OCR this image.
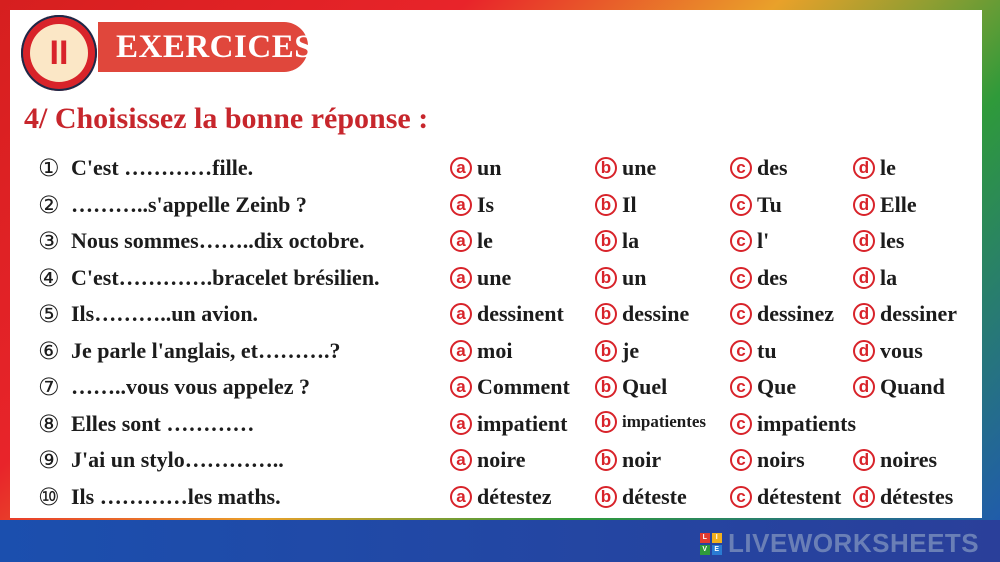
II	EXERCICES
4/ Choisissez la bonne réponse :
① C'est …………fille.	a un	b une	c des	d le
② ………..s'appelle Zeinb ?	a Is	b Il	c Tu	d Elle
③ Nous sommes……..dix octobre.	a le	b la	c l'	d les
④ C'est………….bracelet brésilien.	a une	b un	c des	d la
⑤ Ils………..un avion.	a dessinent	b dessine	c dessinez	d dessiner
⑥ Je parle l'anglais, et……….?	a moi	b je	c tu	d vous
⑦ ……..vous vous appelez ?	a Comment	b Quel	c Que	d Quand
⑧ Elles sont …………	a impatient	b impatientes	c impatients
⑨ J'ai un stylo…………..	a noire	b noir	c noirs	d noires
⑩ Ils …………les maths.	a détestez	b déteste	c détestent	d détestes
L	I
V E LIVEWORKSHEETS
